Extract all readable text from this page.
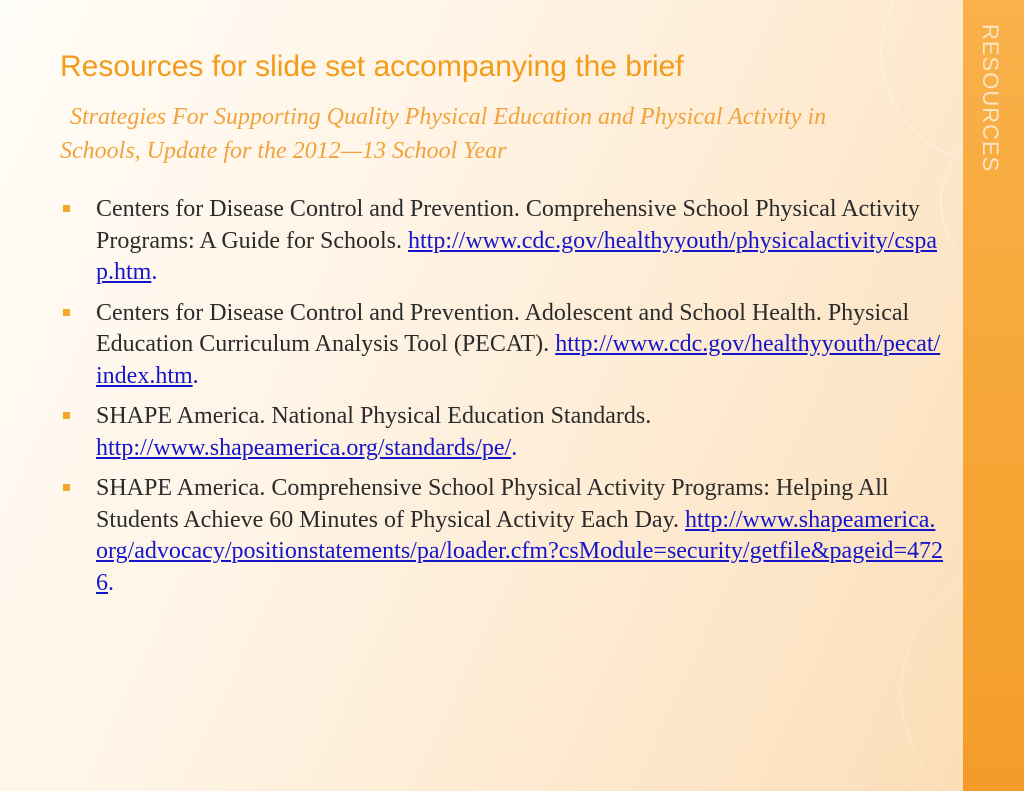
RESOURCES
Resources for slide set accompanying the brief

Strategies For Supporting Quality Physical Education and Physical Activity in Schools, Update for the 2012—13 School Year

Centers for Disease Control and Prevention. Comprehensive School Physical Activity Programs: A Guide for Schools. http://www.cdc.gov/healthyyouth/physicalactivity/cspap.htm.
Centers for Disease Control and Prevention. Adolescent and School Health. Physical Education Curriculum Analysis Tool (PECAT). http://www.cdc.gov/healthyyouth/pecat/index.htm.
SHAPE America. National Physical Education Standards.
http://www.shapeamerica.org/standards/pe/.
SHAPE America. Comprehensive School Physical Activity Programs: Helping All Students Achieve 60 Minutes of Physical Activity Each Day. http://www.shapeamerica.org/advocacy/positionstatements/pa/loader.cfm?csModule=security/getfile&pageid=4726.
